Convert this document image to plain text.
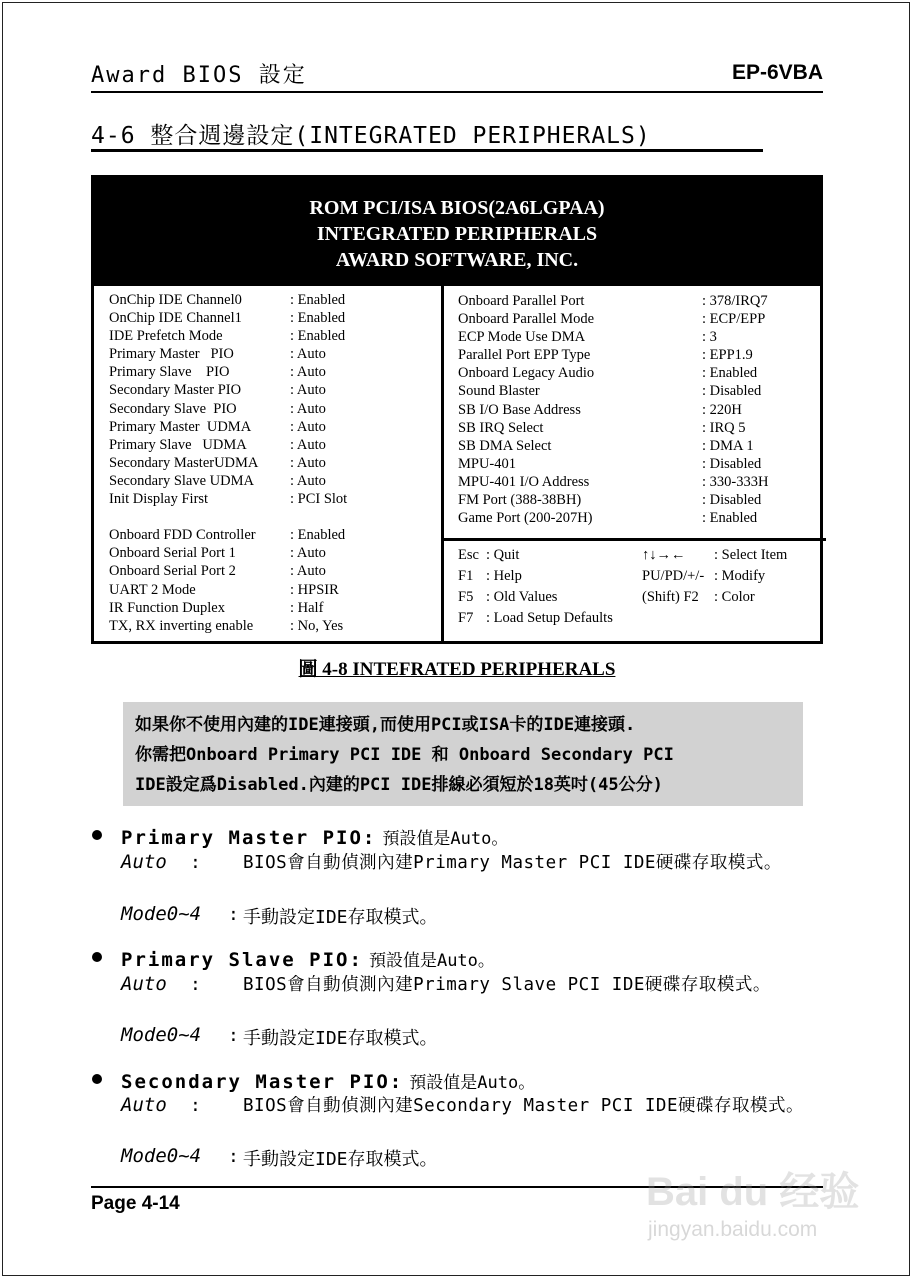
Award BIOS 設定	EP-6VBA
4-6 整合週邊設定(INTEGRATED PERIPHERALS)
ROM PCI/ISA BIOS(2A6LGPAA)
INTEGRATED PERIPHERALS
AWARD SOFTWARE, INC.
OnChip IDE Channel0	: Enabled
OnChip IDE Channel1	: Enabled
IDE Prefetch Mode	: Enabled
Primary Master   PIO	: Auto
Primary Slave    PIO	: Auto
Secondary Master PIO	: Auto
Secondary Slave  PIO	: Auto
Primary Master  UDMA	: Auto
Primary Slave   UDMA	: Auto
Secondary MasterUDMA : Auto
Secondary Slave UDMA : Auto
Init Display First	: PCI Slot
Onboard FDD Controller : Enabled
Onboard Serial Port 1	: Auto
Onboard Serial Port 2	: Auto
UART 2 Mode	: HPSIR
IR Function Duplex	: Half
TX, RX inverting enable	: No, Yes
Onboard Parallel Port	: 378/IRQ7
Onboard Parallel Mode	: ECP/EPP
ECP Mode Use DMA	: 3
Parallel Port EPP Type	: EPP1.9
Onboard Legacy Audio	: Enabled
Sound Blaster	: Disabled
SB I/O Base Address	: 220H
SB IRQ Select	: IRQ 5
SB DMA Select	: DMA 1
MPU-401	: Disabled
MPU-401 I/O Address	: 330-333H
FM Port (388-38BH)	: Disabled
Game Port (200-207H)	: Enabled
Esc : Quit	↑↓→← : Select Item
F1 : Help	PU/PD/+/- : Modify
F5 : Old Values	(Shift) F2 : Color
F7 : Load Setup Defaults
圖 4-8 INTEFRATED PERIPHERALS
如果你不使用內建的IDE連接頭,而使用PCI或ISA卡的IDE連接頭.
你需把Onboard Primary PCI IDE 和 Onboard Secondary PCI
IDE設定爲Disabled.內建的PCI IDE排線必須短於18英吋(45公分)
Primary Master PIO: 預設值是Auto。
Auto : BIOS會自動偵測內建Primary Master PCI IDE硬碟存取模式。
Mode0~4 : 手動設定IDE存取模式。
Primary Slave PIO: 預設值是Auto。
Auto : BIOS會自動偵測內建Primary Slave PCI IDE硬碟存取模式。
Mode0~4 : 手動設定IDE存取模式。
Secondary Master PIO: 預設值是Auto。
Auto : BIOS會自動偵測內建Secondary Master PCI IDE硬碟存取模式。
Mode0~4 : 手動設定IDE存取模式。
Page 4-14	Bai du 经验
jingyan.baidu.com
